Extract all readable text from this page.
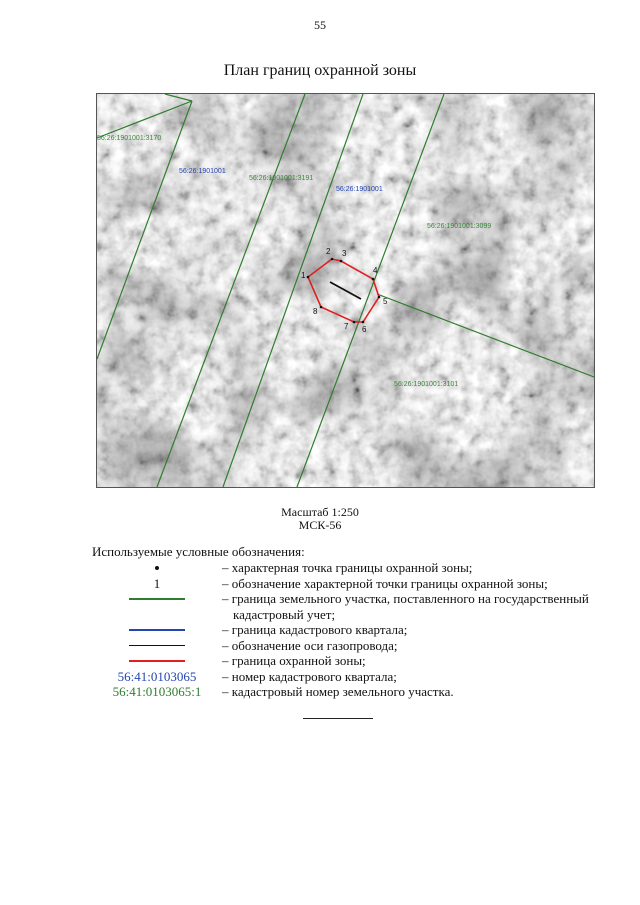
55
План границ охранной зоны
56:26:1901001:3170
56:26:1901001
56:26:1901001:3191
56:26:1901001
56:26:1901001:3099
56:26:1901001:3101
1
2 3
4
5
6
7
8
Масштаб 1:250
МСК-56
Используемые условные обозначения:
– характерная точка границы охранной зоны;
1	– обозначение характерной точки границы охранной зоны;
– граница земельного участка, поставленного на государственный
кадастровый учет;
– граница кадастрового квартала;
– обозначение оси газопровода;
– граница охранной зоны;
56:41:0103065 – номер кадастрового квартала;
56:41:0103065:1 – кадастровый номер земельного участка.
